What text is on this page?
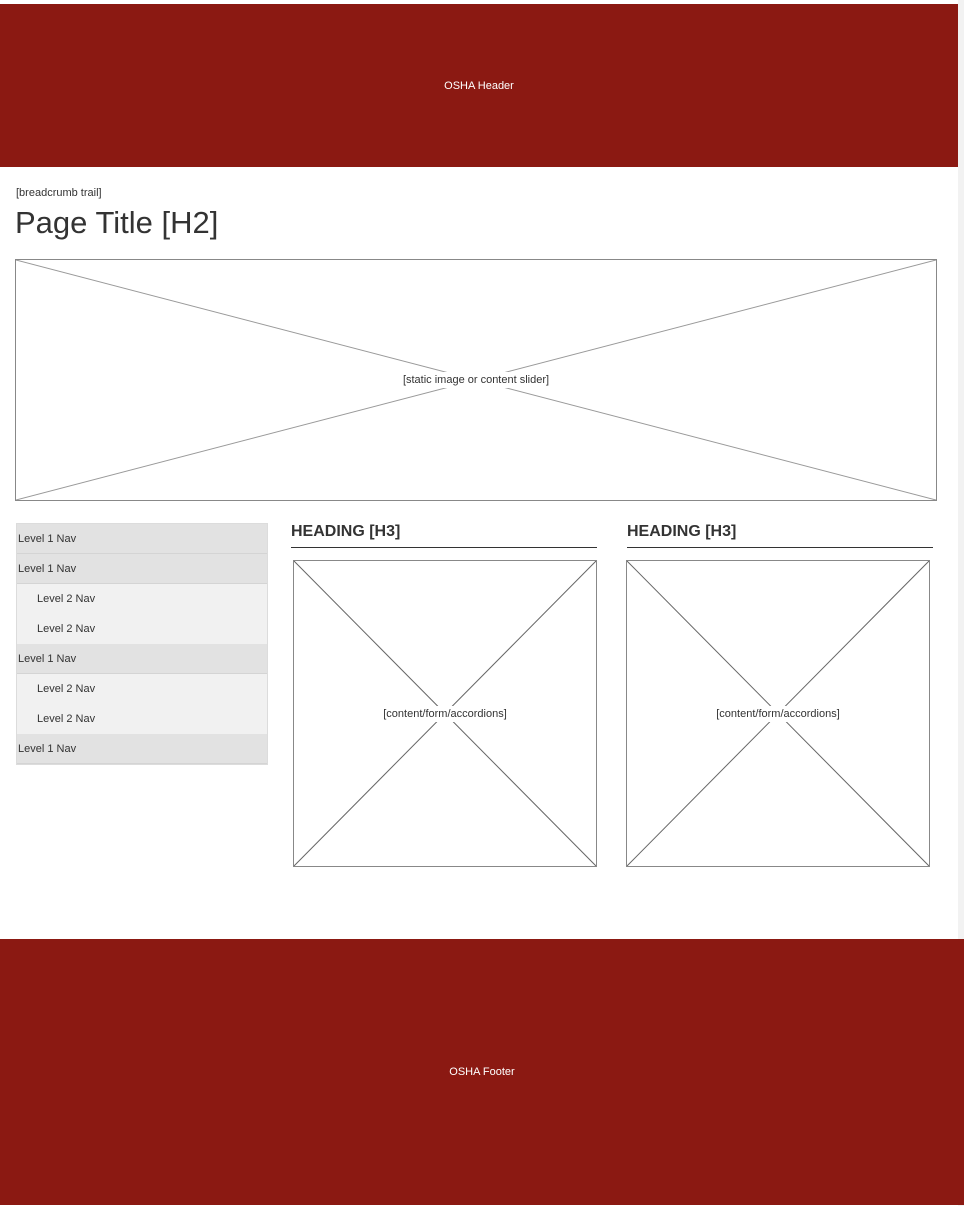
OSHA Header
[breadcrumb trail]
Page Title [H2]
[static image or content slider]
Level 1 Nav
Level 1 Nav
Level 2 Nav
Level 2 Nav
Level 1 Nav
Level 2 Nav
Level 2 Nav
Level 1 Nav
HEADING [H3]
[content/form/accordions]
HEADING [H3]
[content/form/accordions]
OSHA Footer
